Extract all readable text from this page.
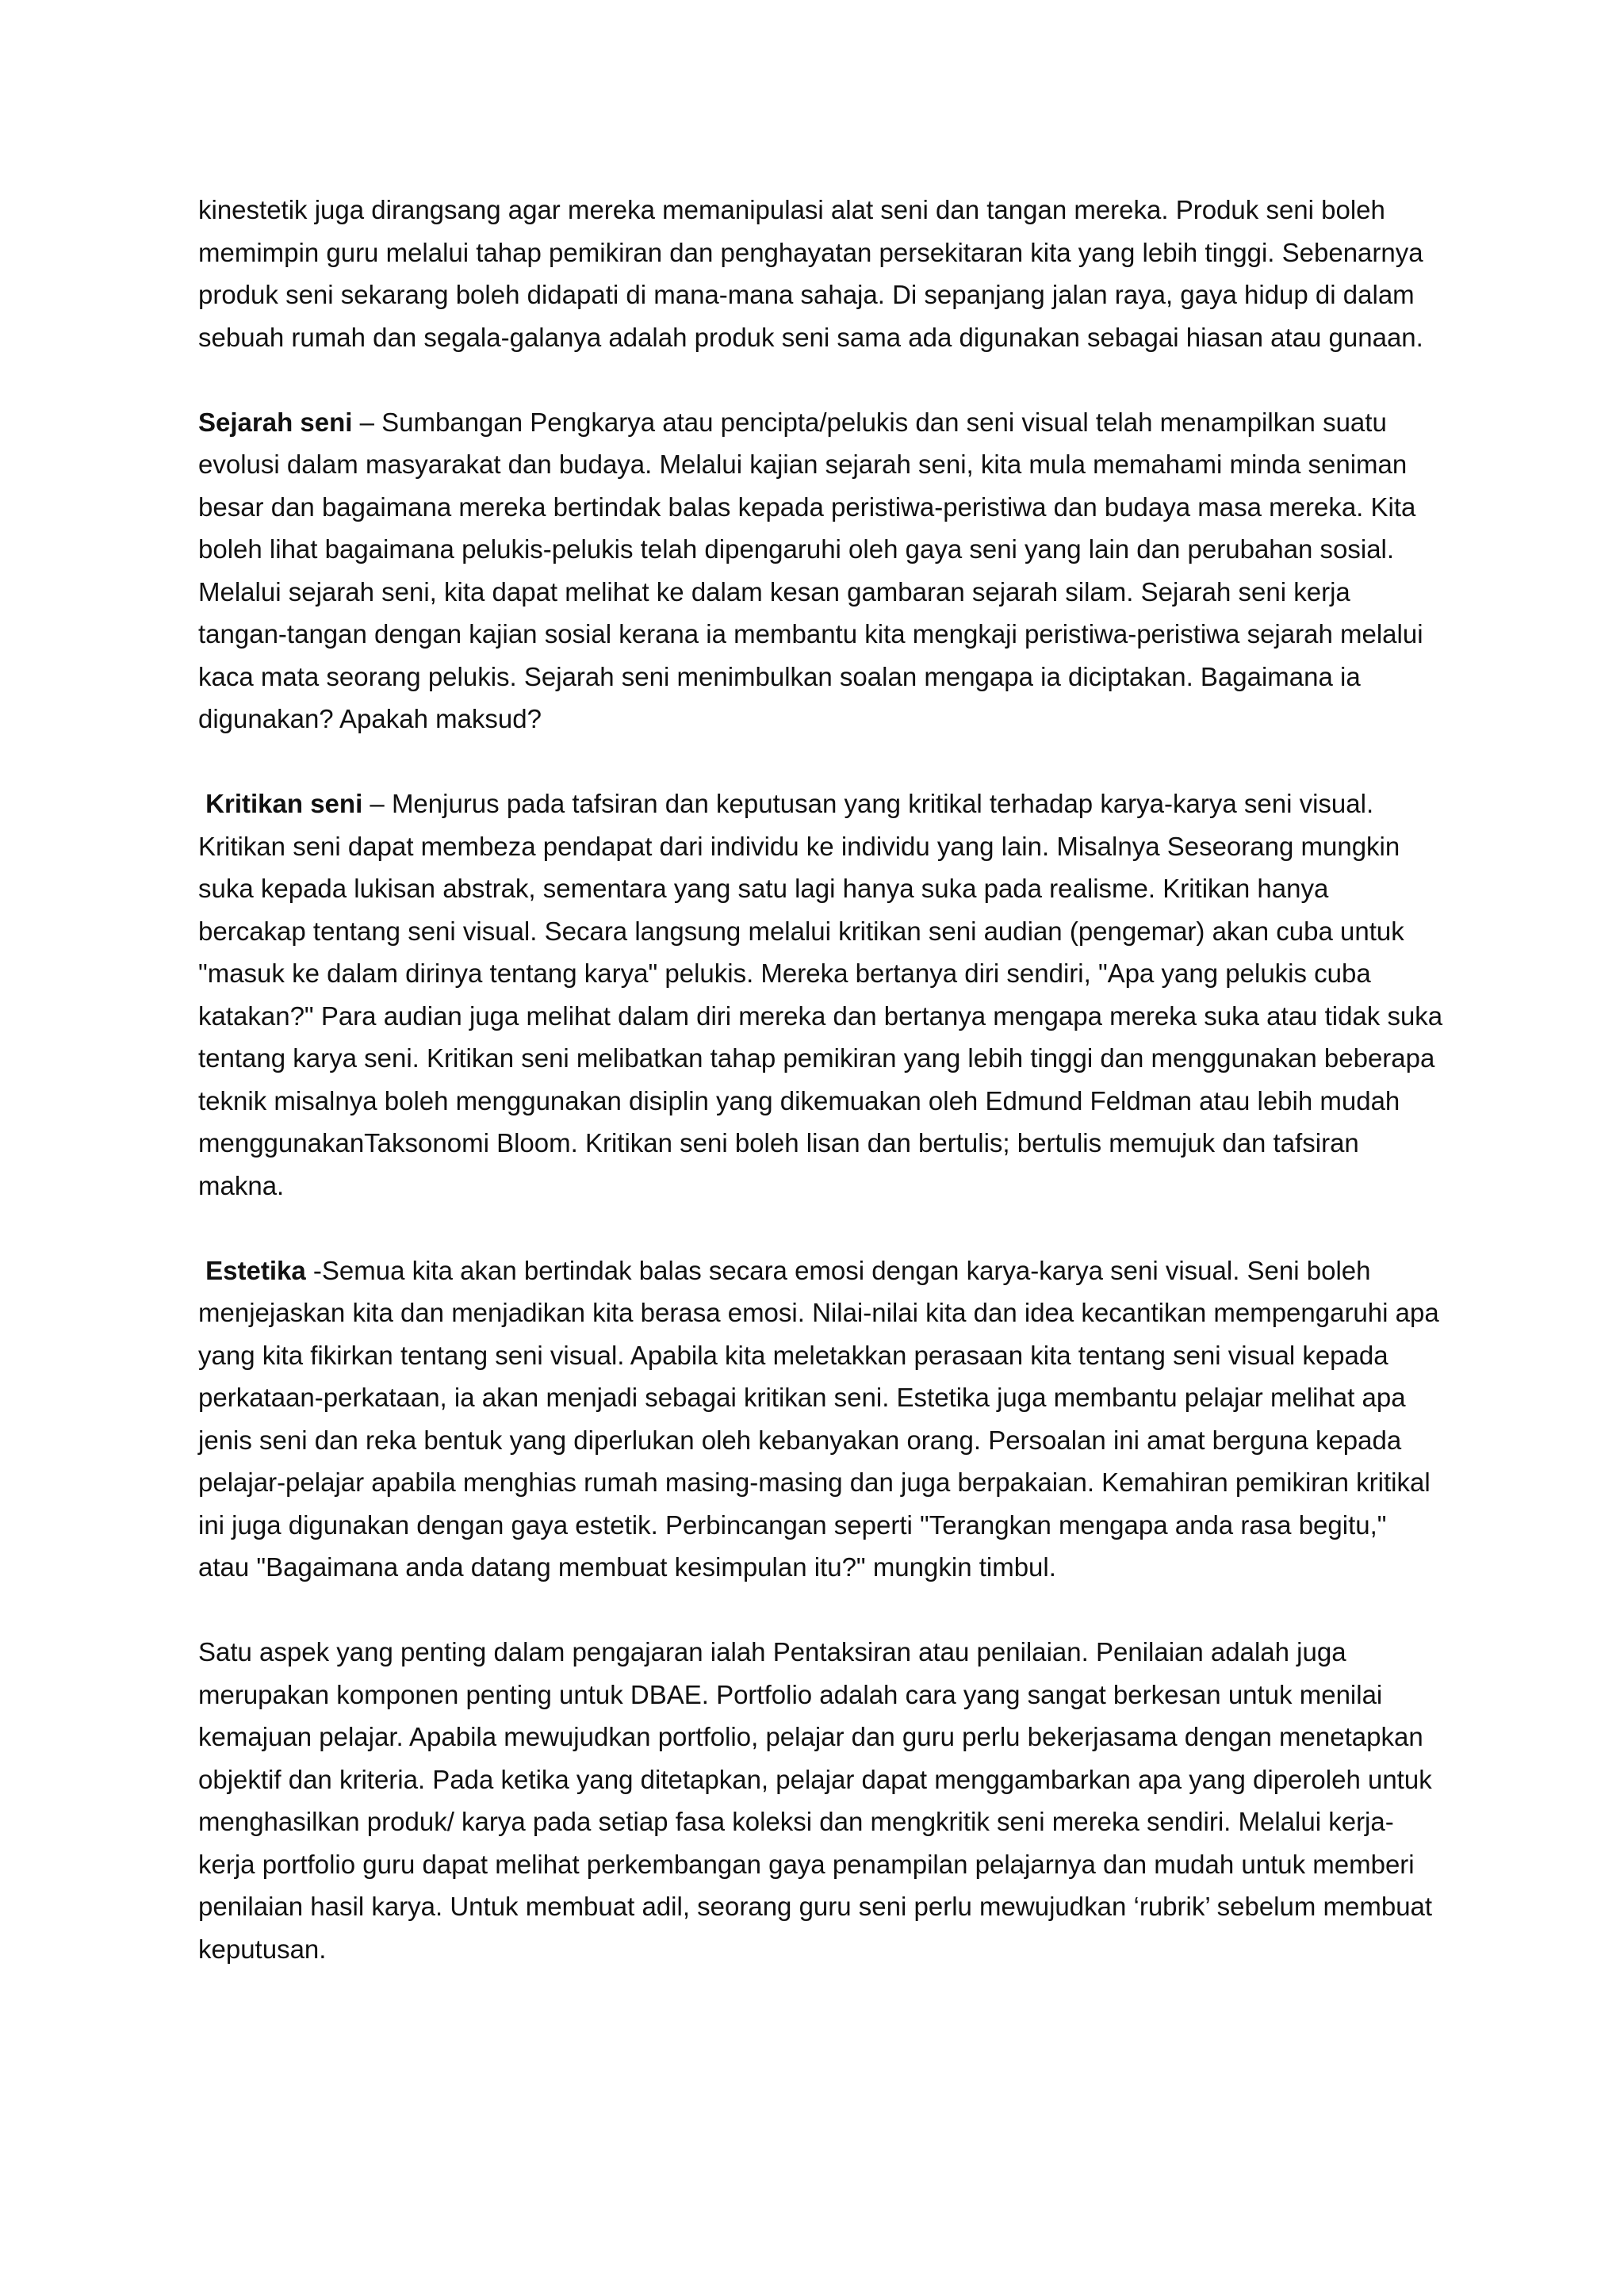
kinestetik juga dirangsang agar mereka memanipulasi alat seni dan tangan mereka. Produk seni boleh memimpin guru melalui tahap pemikiran dan penghayatan persekitaran kita yang lebih tinggi. Sebenarnya produk seni sekarang boleh didapati di mana-mana sahaja. Di sepanjang jalan raya, gaya hidup di dalam sebuah rumah dan segala-galanya adalah produk seni sama ada digunakan sebagai hiasan atau gunaan.

Sejarah seni – Sumbangan Pengkarya atau pencipta/pelukis dan seni visual telah menampilkan suatu evolusi dalam masyarakat dan budaya. Melalui kajian sejarah seni, kita mula memahami minda seniman besar dan bagaimana mereka bertindak balas kepada peristiwa-peristiwa dan budaya masa mereka. Kita boleh lihat bagaimana pelukis-pelukis telah dipengaruhi oleh gaya seni yang lain dan perubahan sosial. Melalui sejarah seni, kita dapat melihat ke dalam kesan gambaran sejarah silam. Sejarah seni kerja tangan-tangan dengan kajian sosial kerana ia membantu kita mengkaji peristiwa-peristiwa sejarah melalui kaca mata seorang pelukis. Sejarah seni menimbulkan soalan mengapa ia diciptakan. Bagaimana ia digunakan? Apakah maksud?

Kritikan seni – Menjurus pada tafsiran dan keputusan yang kritikal terhadap karya-karya seni visual. Kritikan seni dapat membeza pendapat dari individu ke individu yang lain. Misalnya Seseorang mungkin suka kepada lukisan abstrak, sementara yang satu lagi hanya suka pada realisme. Kritikan hanya bercakap tentang seni visual. Secara langsung melalui kritikan seni audian (pengemar) akan cuba untuk "masuk ke dalam dirinya tentang karya" pelukis. Mereka bertanya diri sendiri, "Apa yang pelukis cuba katakan?" Para audian juga melihat dalam diri mereka dan bertanya mengapa mereka suka atau tidak suka tentang karya seni. Kritikan seni melibatkan tahap pemikiran yang lebih tinggi dan menggunakan beberapa teknik misalnya boleh menggunakan disiplin yang dikemuakan oleh Edmund Feldman atau lebih mudah menggunakanTaksonomi Bloom. Kritikan seni boleh lisan dan bertulis; bertulis memujuk dan tafsiran makna.

Estetika -Semua kita akan bertindak balas secara emosi dengan karya-karya seni visual. Seni boleh menjejaskan kita dan menjadikan kita berasa emosi. Nilai-nilai kita dan idea kecantikan mempengaruhi apa yang kita fikirkan tentang seni visual. Apabila kita meletakkan perasaan kita tentang seni visual kepada perkataan-perkataan, ia akan menjadi sebagai kritikan seni. Estetika juga membantu pelajar melihat apa jenis seni dan reka bentuk yang diperlukan oleh kebanyakan orang. Persoalan ini amat berguna kepada pelajar-pelajar apabila menghias rumah masing-masing dan juga berpakaian. Kemahiran pemikiran kritikal ini juga digunakan dengan gaya estetik. Perbincangan seperti "Terangkan mengapa anda rasa begitu," atau "Bagaimana anda datang membuat kesimpulan itu?" mungkin timbul.

Satu aspek yang penting dalam pengajaran ialah Pentaksiran atau penilaian. Penilaian adalah juga merupakan komponen penting untuk DBAE. Portfolio adalah cara yang sangat berkesan untuk menilai kemajuan pelajar. Apabila mewujudkan portfolio, pelajar dan guru perlu bekerjasama dengan menetapkan objektif dan kriteria. Pada ketika yang ditetapkan, pelajar dapat menggambarkan apa yang diperoleh untuk menghasilkan produk/ karya pada setiap fasa koleksi dan mengkritik seni mereka sendiri. Melalui kerja-kerja portfolio guru dapat melihat perkembangan gaya penampilan pelajarnya dan mudah untuk memberi penilaian hasil karya. Untuk membuat adil, seorang guru seni perlu mewujudkan ‘rubrik’ sebelum membuat keputusan.
